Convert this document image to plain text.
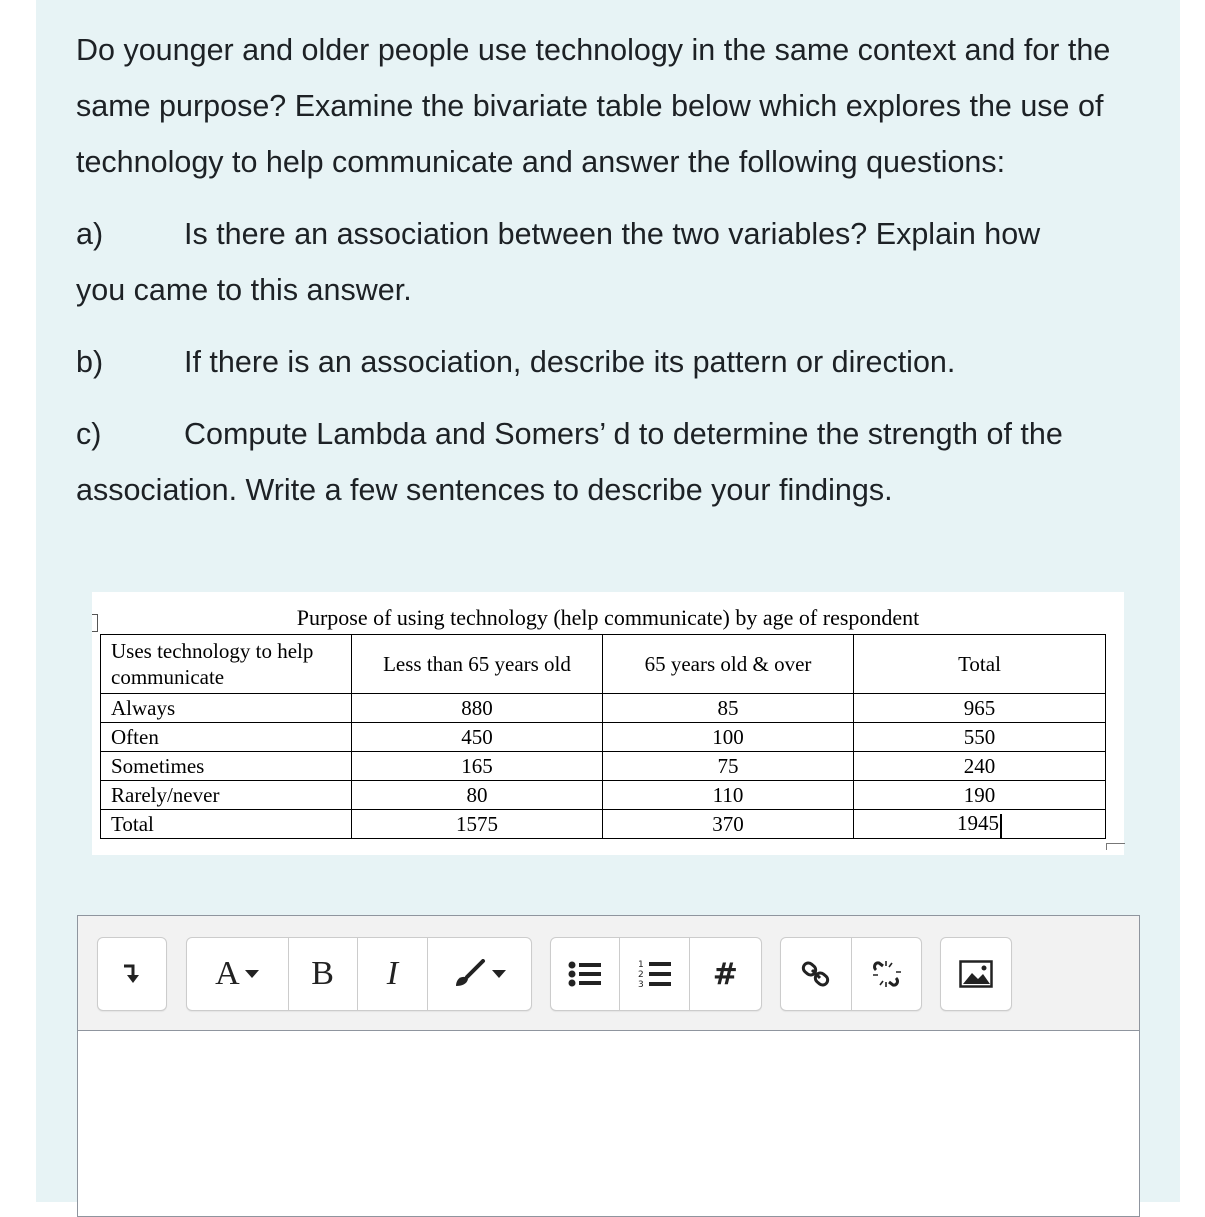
Do younger and older people use technology in the same context and for the same purpose? Examine the bivariate table below which explores the use of technology to help communicate and answer the following questions:

a)	Is there an association between the two variables? Explain how

you came to this answer.

b)	If there is an association, describe its pattern or direction.

c)	Compute Lambda and Somers’ d to determine the strength of the

association. Write a few sentences to describe your findings.

Purpose of using technology (help communicate) by age of respondent
Uses technology to help communicate	Less than 65 years old	65 years old & over	Total
Always	880	85	965
Often	450	100	550
Sometimes	165	75	240
Rarely/never	80	110	190
Total	1575	370	1945
A B I	1
2
3 #
